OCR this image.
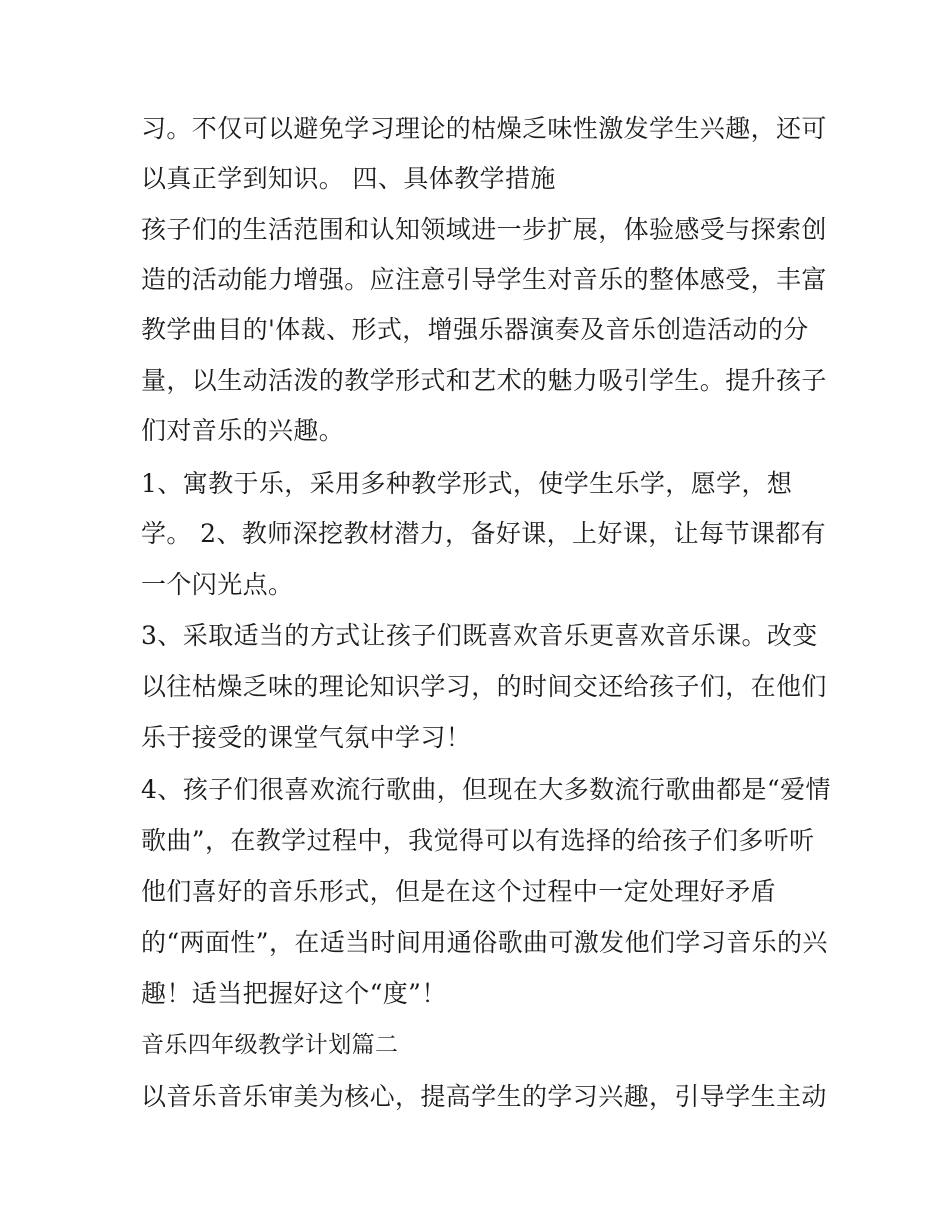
习。不仅可以避免学习理论的枯燥乏味性激发学生兴趣，还可
以真正学到知识。 四、具体教学措施
孩子们的生活范围和认知领域进一步扩展，体验感受与探索创
造的活动能力增强。应注意引导学生对音乐的整体感受，丰富
教学曲目的'体裁、形式，增强乐器演奏及音乐创造活动的分
量，以生动活泼的教学形式和艺术的魅力吸引学生。提升孩子
们对音乐的兴趣。
1、寓教于乐，采用多种教学形式，使学生乐学，愿学，想
学。 2、教师深挖教材潜力，备好课，上好课，让每节课都有
一个闪光点。
3、采取适当的方式让孩子们既喜欢音乐更喜欢音乐课。改变
以往枯燥乏味的理论知识学习，的时间交还给孩子们，在他们
乐于接受的课堂气氛中学习！
4、孩子们很喜欢流行歌曲，但现在大多数流行歌曲都是“爱情
歌曲”，在教学过程中，我觉得可以有选择的给孩子们多听听
他们喜好的音乐形式，但是在这个过程中一定处理好矛盾
的“两面性”，在适当时间用通俗歌曲可激发他们学习音乐的兴
趣！适当把握好这个“度”！
音乐四年级教学计划篇二
以音乐音乐审美为核心，提高学生的学习兴趣，引导学生主动
